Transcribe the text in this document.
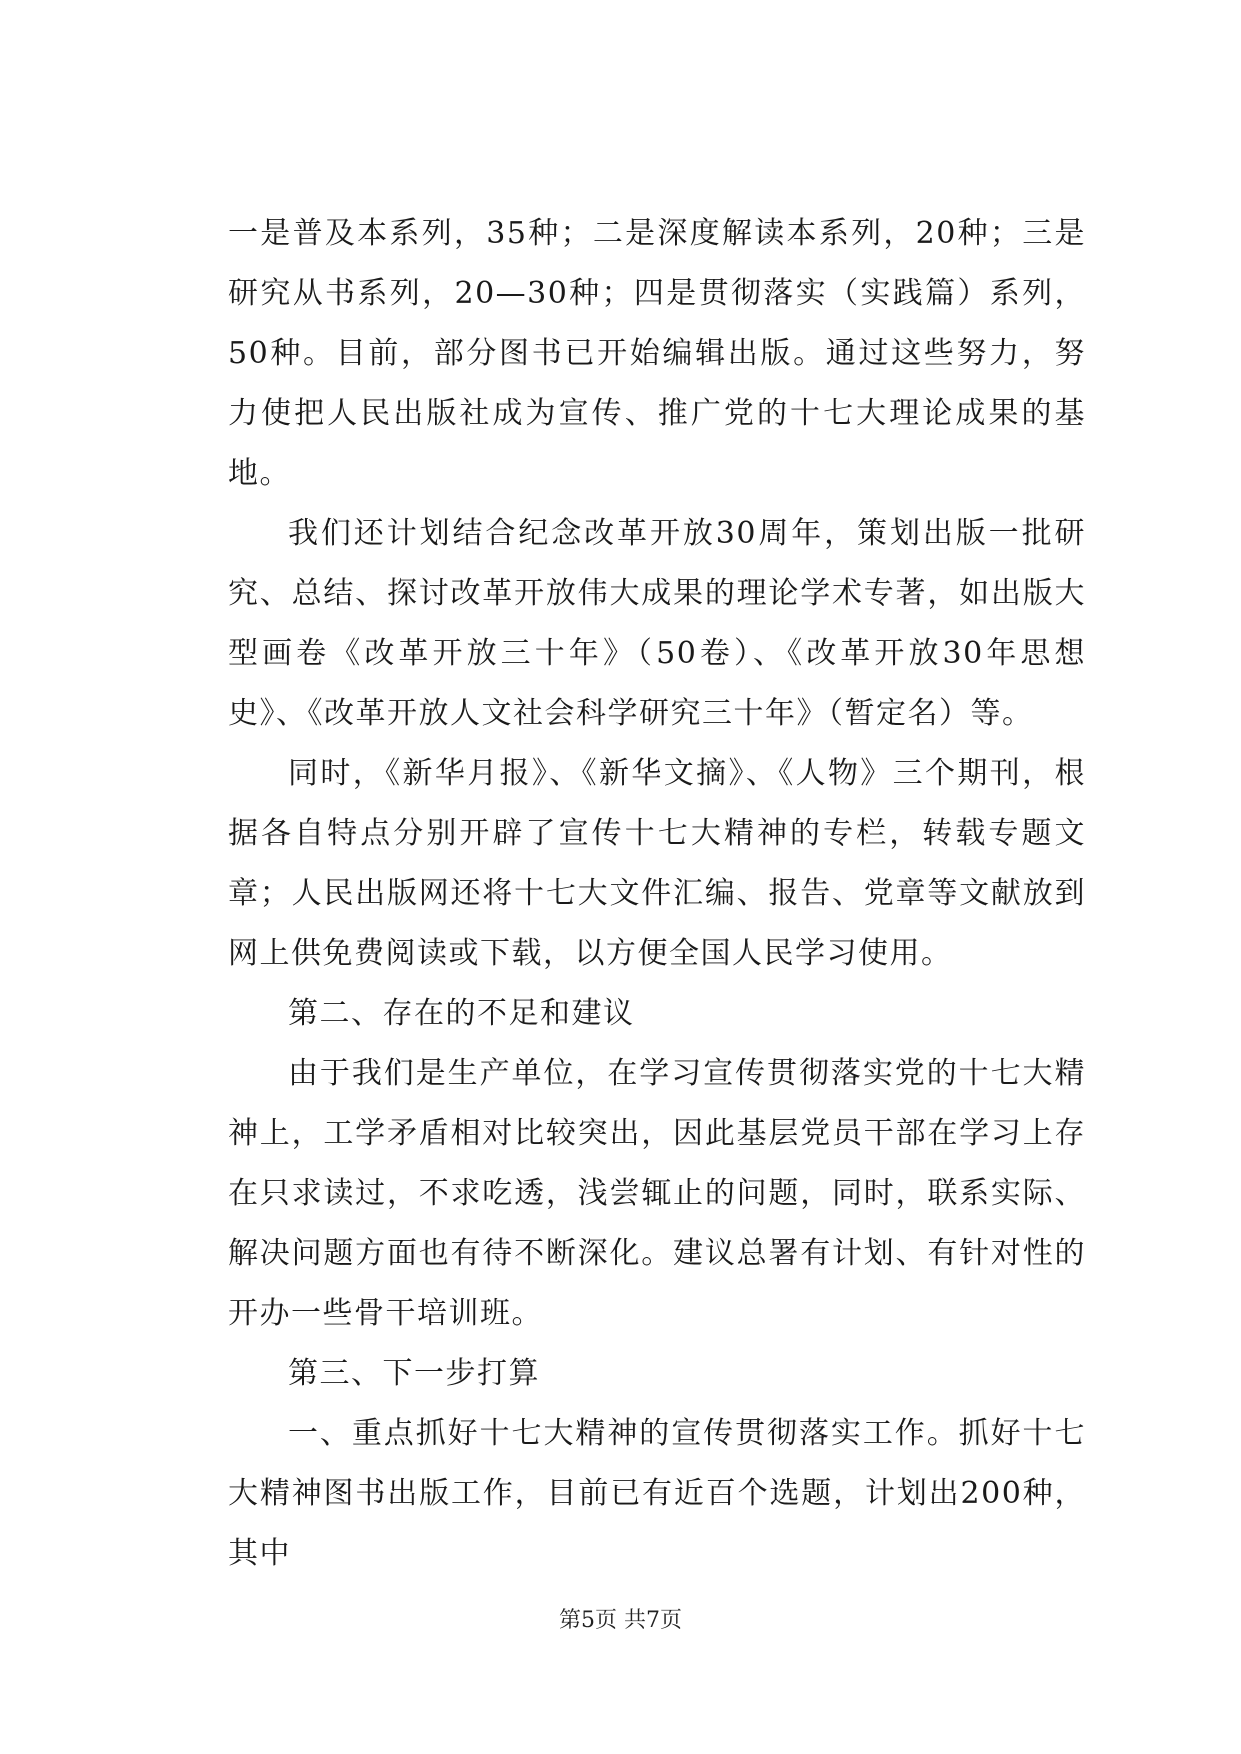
一是普及本系列，35种；二是深度解读本系列，20种；三是研究从书系列，20—30种；四是贯彻落实（实践篇）系列，50种。目前，部分图书已开始编辑出版。通过这些努力，努力使把人民出版社成为宣传、推广党的十七大理论成果的基地。

我们还计划结合纪念改革开放30周年，策划出版一批研究、总结、探讨改革开放伟大成果的理论学术专著，如出版大型画卷《改革开放三十年》（50卷）、《改革开放30年思想史》、《改革开放人文社会科学研究三十年》（暂定名）等。

同时，《新华月报》、《新华文摘》、《人物》三个期刊，根据各自特点分别开辟了宣传十七大精神的专栏，转载专题文章；人民出版网还将十七大文件汇编、报告、党章等文献放到网上供免费阅读或下载，以方便全国人民学习使用。

第二、存在的不足和建议

由于我们是生产单位，在学习宣传贯彻落实党的十七大精神上，工学矛盾相对比较突出，因此基层党员干部在学习上存在只求读过，不求吃透，浅尝辄止的问题，同时，联系实际、解决问题方面也有待不断深化。建议总署有计划、有针对性的开办一些骨干培训班。

第三、下一步打算

一、重点抓好十七大精神的宣传贯彻落实工作。抓好十七大精神图书出版工作，目前已有近百个选题，计划出200种，其中

第5页 共7页
